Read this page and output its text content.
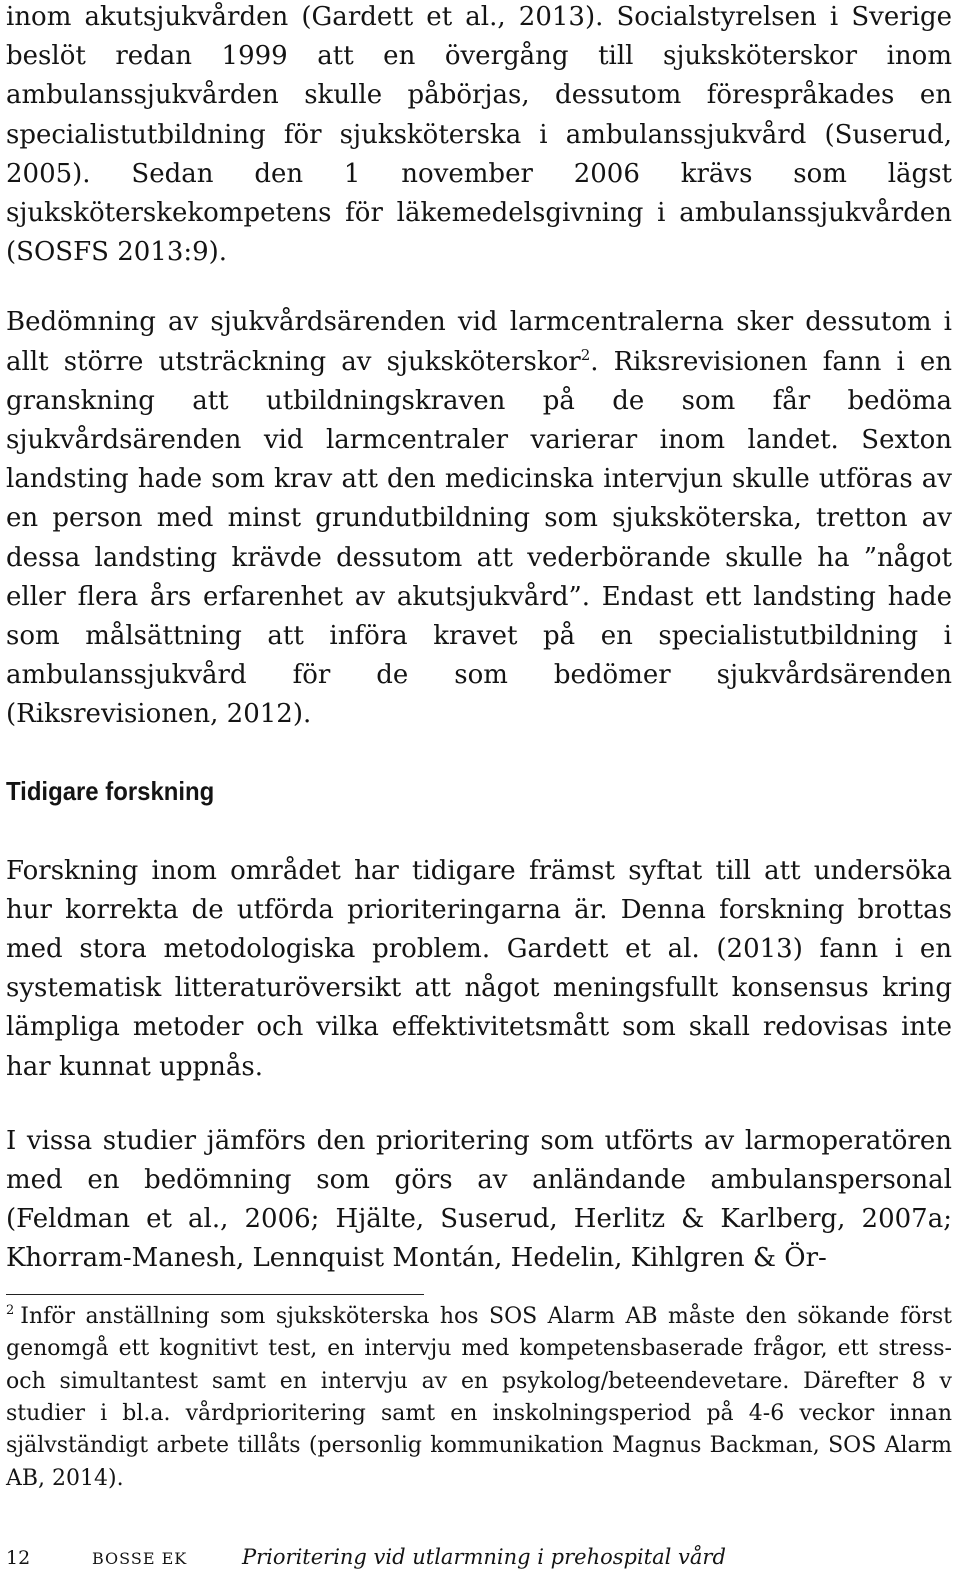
inom akutsjukvården (Gardett et al., 2013). Socialstyrelsen i Sverige beslöt redan 1999 att en övergång till sjuksköterskor inom ambulanssjukvården skulle påbörjas, dessutom förespråkades en specialistutbildning för sjuksköterska i ambulanssjukvård (Suserud, 2005). Sedan den 1 november 2006 krävs som lägst sjuksköterskekompetens för läkemedelsgivning i ambulanssjukvården (SOSFS 2013:9).

Bedömning av sjukvårdsärenden vid larmcentralerna sker dessutom i allt större utsträckning av sjuksköterskor$^2$. Riksrevisionen fann i en granskning att utbildningskraven på de som får bedöma sjukvårdsärenden vid larmcentraler varierar inom landet. Sexton landsting hade som krav att den medicinska intervjun skulle utföras av en person med minst grundutbildning som sjuksköterska, tretton av dessa landsting krävde dessutom att vederbörande skulle ha ”något eller flera års erfarenhet av akutsjukvård”. Endast ett landsting hade som målsättning att införa kravet på en specialistutbildning i ambulanssjukvård för de som bedömer sjukvårdsärenden (Riksrevisionen, 2012).

Tidigare forskning

Forskning inom området har tidigare främst syftat till att undersöka hur korrekta de utförda prioriteringarna är. Denna forskning brottas med stora metodologiska problem. Gardett et al. (2013) fann i en systematisk litteraturöversikt att något meningsfullt konsensus kring lämpliga metoder och vilka effektivitetsmått som skall redovisas inte har kunnat uppnås.

I vissa studier jämförs den prioritering som utförts av larmoperatören med en bedömning som görs av anländande ambulanspersonal (Feldman et al., 2006; Hjälte, Suserud, Herlitz & Karlberg, 2007a; Khorram-Manesh, Lennquist Montán, Hedelin, Kihlgren & Ör-

$^2$ Inför anställning som sjuksköterska hos SOS Alarm AB måste den sökande först genomgå ett kognitivt test, en intervju med kompetensbaserade frågor, ett stress- och simultantest samt en intervju av en psykolog/beteendevetare. Därefter 8 v studier i bl.a. vårdprioritering samt en inskolningsperiod på 4-6 veckor innan självständigt arbete tillåts (personlig kommunikation Magnus Backman, SOS Alarm AB, 2014).

12	BOSSE EK	Prioritering vid utlarmning i prehospital vård
